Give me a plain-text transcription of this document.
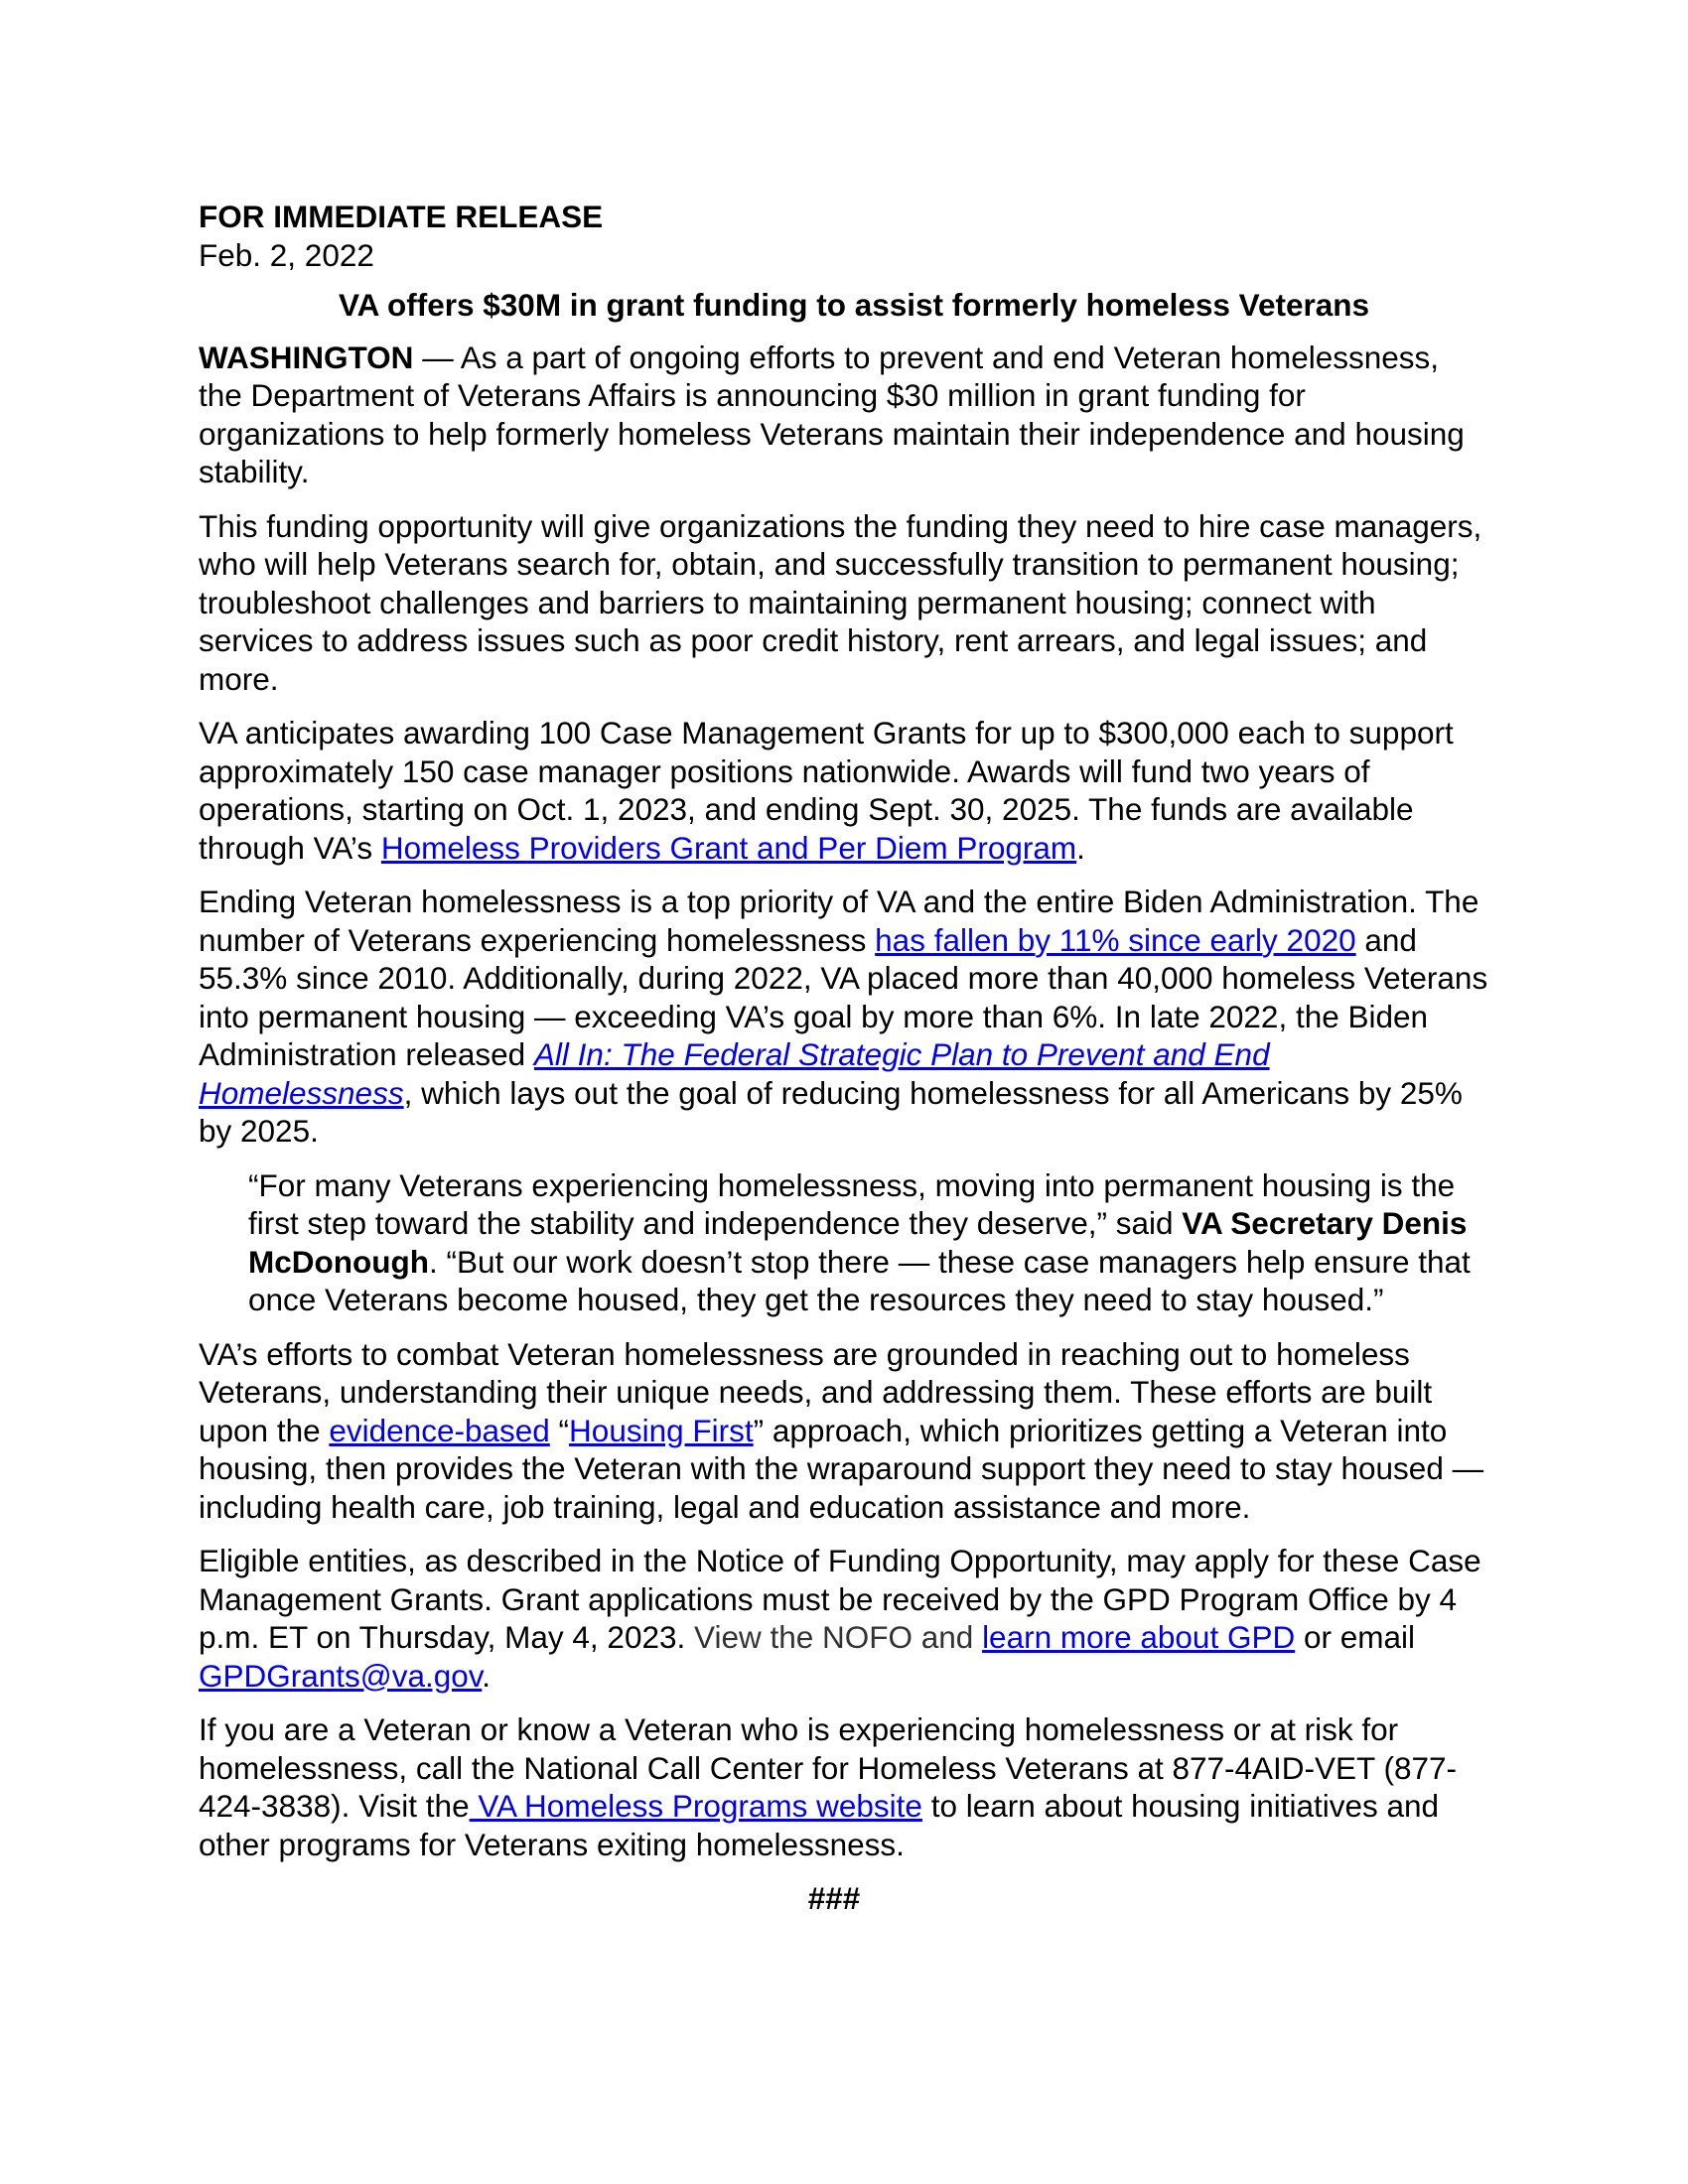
FOR IMMEDIATE RELEASE
Feb. 2, 2022
VA offers $30M in grant funding to assist formerly homeless Veterans

WASHINGTON — As a part of ongoing efforts to prevent and end Veteran homelessness, the Department of Veterans Affairs is announcing $30 million in grant funding for organizations to help formerly homeless Veterans maintain their independence and housing stability.

This funding opportunity will give organizations the funding they need to hire case managers, who will help Veterans search for, obtain, and successfully transition to permanent housing; troubleshoot challenges and barriers to maintaining permanent housing; connect with services to address issues such as poor credit history, rent arrears, and legal issues; and more.

VA anticipates awarding 100 Case Management Grants for up to $300,000 each to support approximately 150 case manager positions nationwide. Awards will fund two years of operations, starting on Oct. 1, 2023, and ending Sept. 30, 2025. The funds are available through VA’s Homeless Providers Grant and Per Diem Program.

Ending Veteran homelessness is a top priority of VA and the entire Biden Administration. The number of Veterans experiencing homelessness has fallen by 11% since early 2020 and 55.3% since 2010. Additionally, during 2022, VA placed more than 40,000 homeless Veterans into permanent housing — exceeding VA’s goal by more than 6%. In late 2022, the Biden Administration released All In: The Federal Strategic Plan to Prevent and End Homelessness, which lays out the goal of reducing homelessness for all Americans by 25% by 2025.

“For many Veterans experiencing homelessness, moving into permanent housing is the first step toward the stability and independence they deserve,” said VA Secretary Denis McDonough. “But our work doesn’t stop there — these case managers help ensure that once Veterans become housed, they get the resources they need to stay housed.”

VA’s efforts to combat Veteran homelessness are grounded in reaching out to homeless Veterans, understanding their unique needs, and addressing them. These efforts are built upon the evidence-based “Housing First” approach, which prioritizes getting a Veteran into housing, then provides the Veteran with the wraparound support they need to stay housed — including health care, job training, legal and education assistance and more.

Eligible entities, as described in the Notice of Funding Opportunity, may apply for these Case Management Grants. Grant applications must be received by the GPD Program Office by 4 p.m. ET on Thursday, May 4, 2023. View the NOFO and learn more about GPD or email GPDGrants@va.gov.

If you are a Veteran or know a Veteran who is experiencing homelessness or at risk for homelessness, call the National Call Center for Homeless Veterans at 877-4AID-VET (877-424-3838). Visit the VA Homeless Programs website to learn about housing initiatives and other programs for Veterans exiting homelessness.

###
